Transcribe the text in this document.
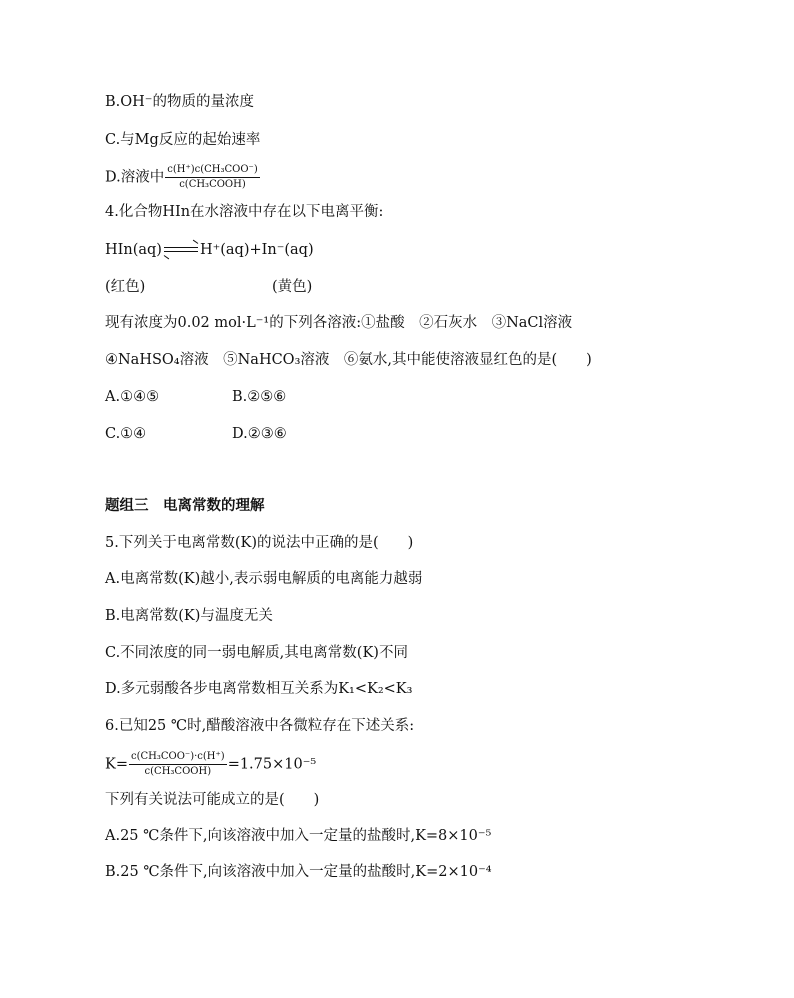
B.OH⁻的物质的量浓度
C.与Mg反应的起始速率
D.溶液中 $\frac{\text{c(H⁺)c(CH₃COO⁻)}}{\text{c(CH₃COOH)}}$
4.化合物HIn在水溶液中存在以下电离平衡:
HIn(aq)	H⁺(aq)+In⁻(aq)
(红色)	(黄色)
现有浓度为0.02 mol·L⁻¹的下列各溶液:①盐酸　②石灰水　③NaCl溶液
④NaHSO₄溶液　⑤NaHCO₃溶液　⑥氨水,其中能使溶液显红色的是(　　)
A.①④⑤	B.②⑤⑥
C.①④	D.②③⑥
题组三　电离常数的理解
5.下列关于电离常数(K)的说法中正确的是(　　)
A.电离常数(K)越小,表示弱电解质的电离能力越弱
B.电离常数(K)与温度无关
C.不同浓度的同一弱电解质,其电离常数(K)不同
D.多元弱酸各步电离常数相互关系为K₁<K₂<K₃
6.已知25 ℃时,醋酸溶液中各微粒存在下述关系:
$K= \frac{\text{c(CH₃COO⁻)·c(H⁺)}}{\text{c(CH₃COOH)}} =1.75\times 10^{-5}$
下列有关说法可能成立的是(　　)
A.25 ℃条件下,向该溶液中加入一定量的盐酸时,K=8×10⁻⁵
B.25 ℃条件下,向该溶液中加入一定量的盐酸时,K=2×10⁻⁴
